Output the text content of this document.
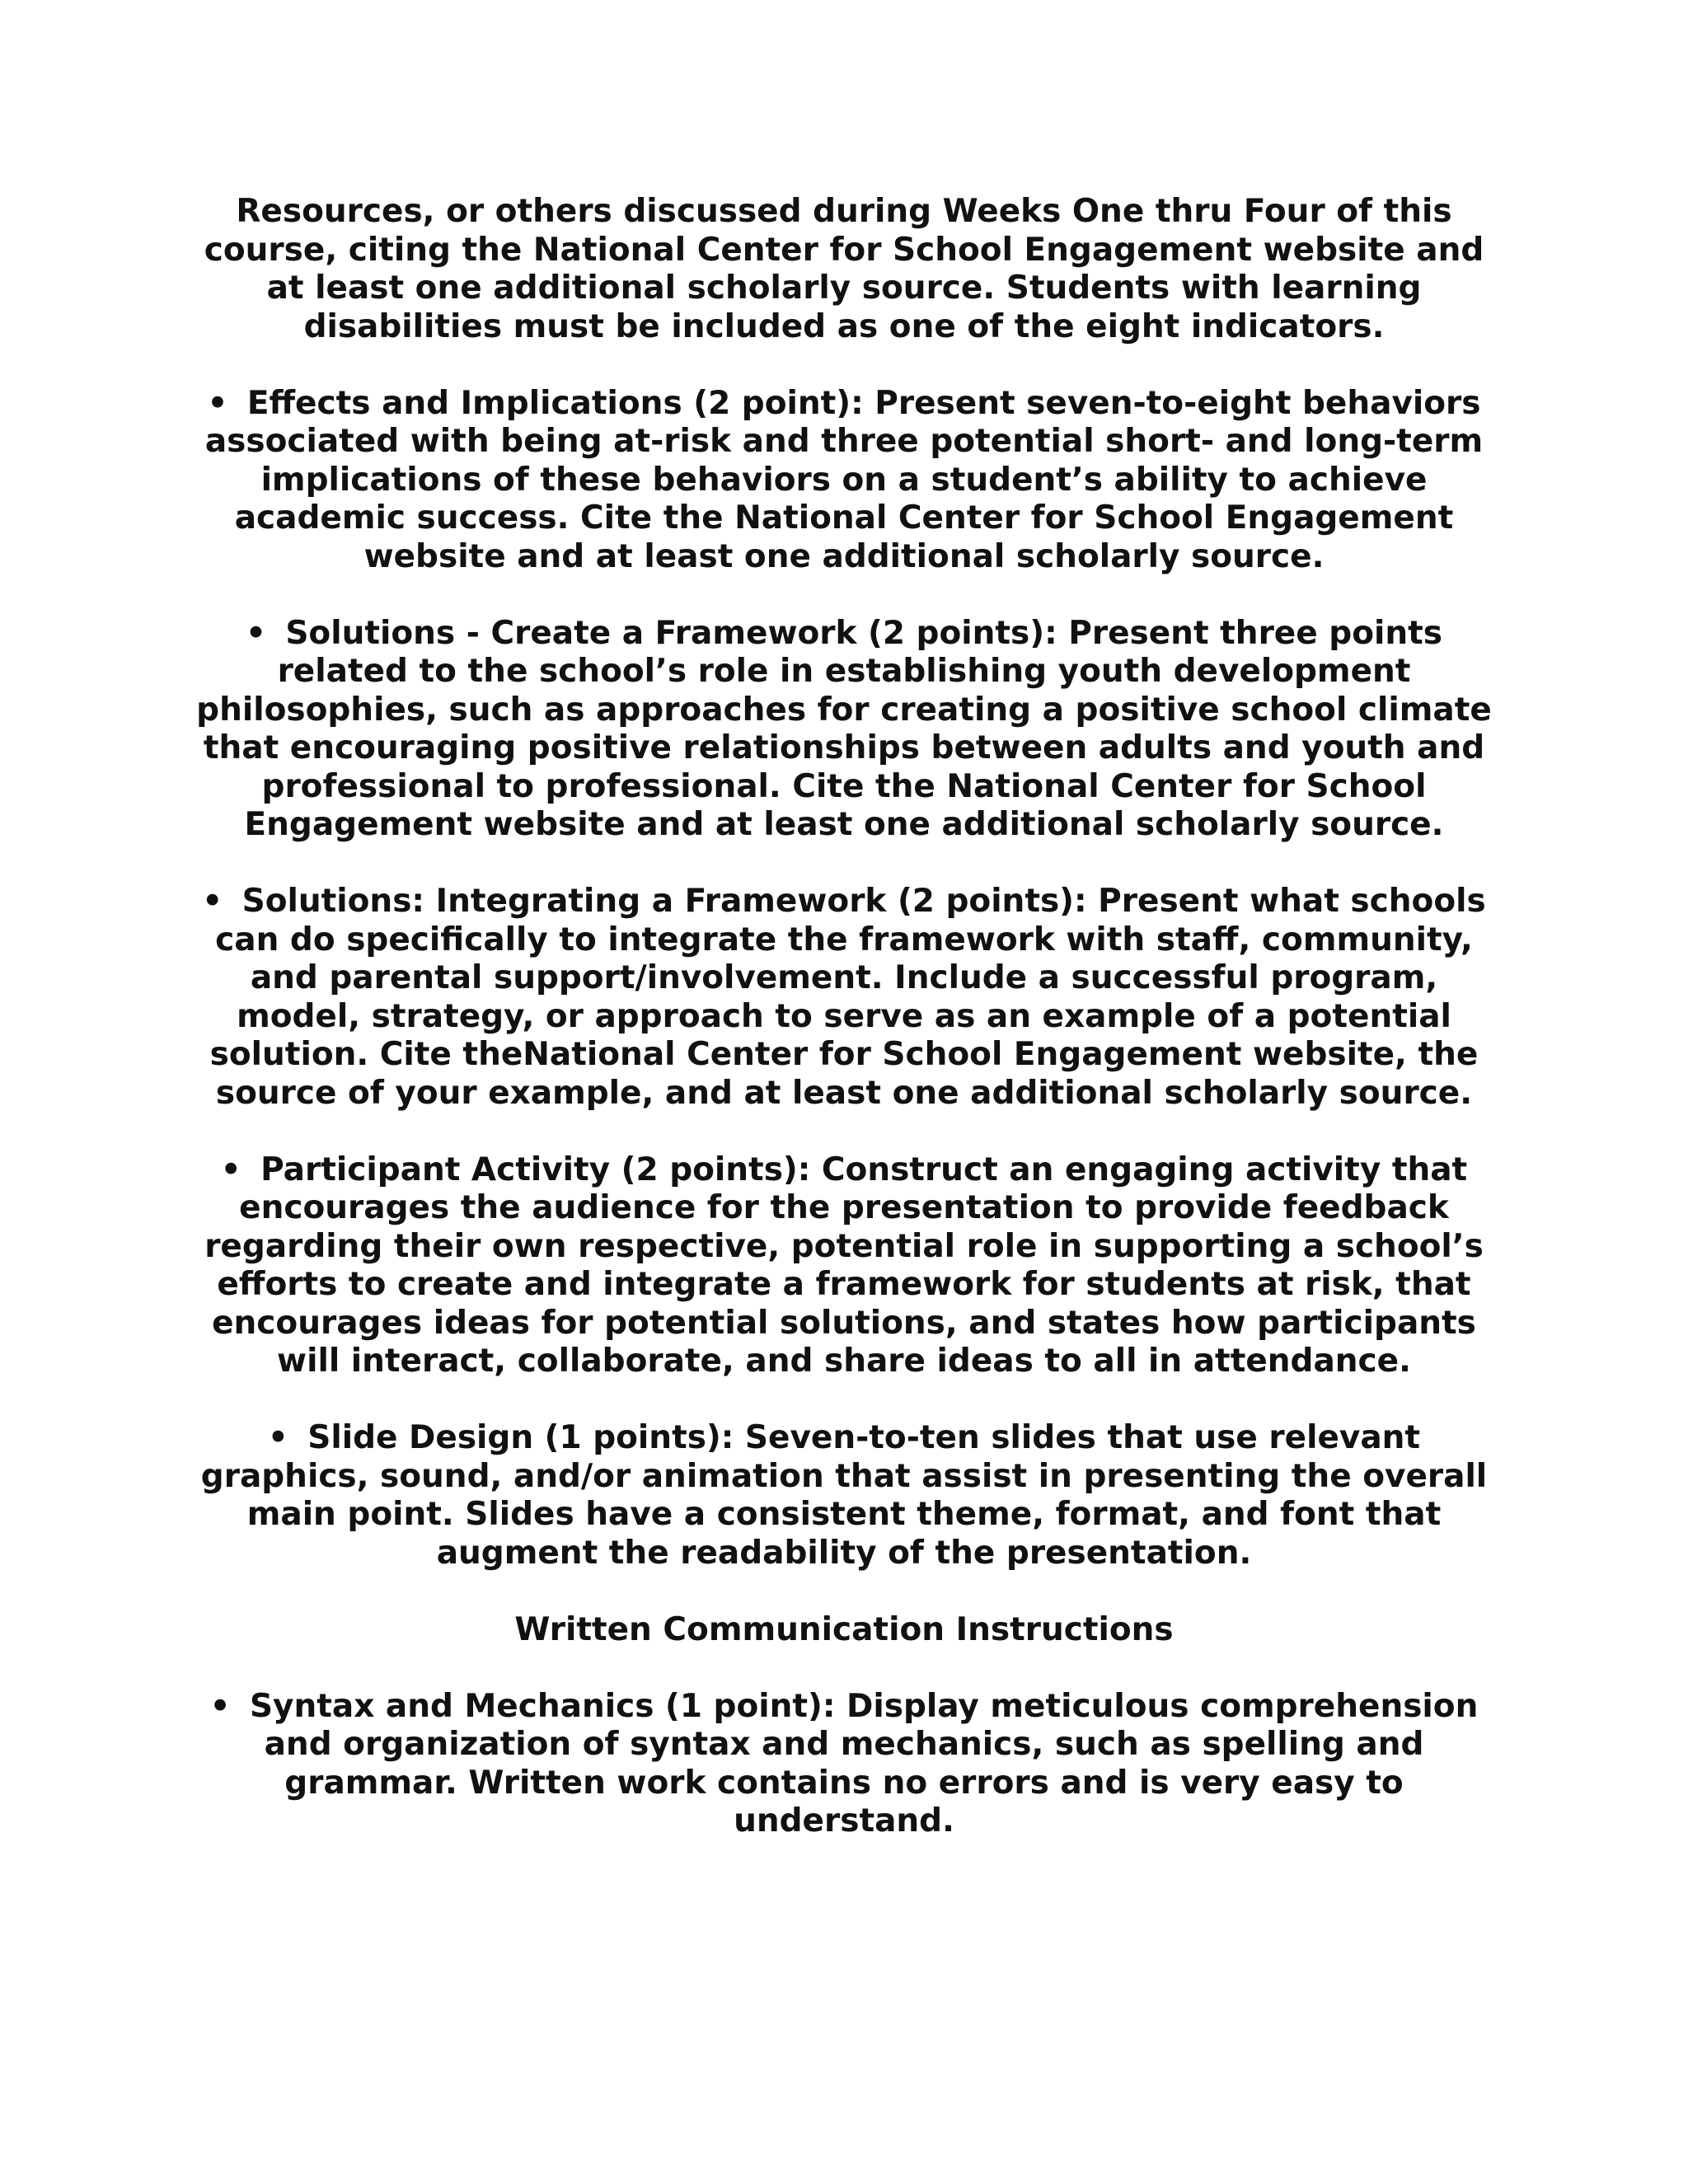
Resources, or others discussed during Weeks One thru Four of this course, citing the National Center for School Engagement website and at least one additional scholarly source. Students with learning disabilities must be included as one of the eight indicators.

• Effects and Implications (2 point): Present seven-to-eight behaviors associated with being at-risk and three potential short- and long-term implications of these behaviors on a student’s ability to achieve academic success. Cite the National Center for School Engagement website and at least one additional scholarly source.

• Solutions - Create a Framework (2 points): Present three points related to the school’s role in establishing youth development philosophies, such as approaches for creating a positive school climate that encouraging positive relationships between adults and youth and professional to professional. Cite the National Center for School Engagement website and at least one additional scholarly source.

• Solutions: Integrating a Framework (2 points): Present what schools can do specifically to integrate the framework with staff, community, and parental support/involvement. Include a successful program, model, strategy, or approach to serve as an example of a potential solution. Cite theNational Center for School Engagement website, the source of your example, and at least one additional scholarly source.

• Participant Activity (2 points): Construct an engaging activity that encourages the audience for the presentation to provide feedback regarding their own respective, potential role in supporting a school’s efforts to create and integrate a framework for students at risk, that encourages ideas for potential solutions, and states how participants will interact, collaborate, and share ideas to all in attendance.

• Slide Design (1 points): Seven-to-ten slides that use relevant graphics, sound, and/or animation that assist in presenting the overall main point. Slides have a consistent theme, format, and font that augment the readability of the presentation.

Written Communication Instructions

• Syntax and Mechanics (1 point): Display meticulous comprehension and organization of syntax and mechanics, such as spelling and grammar. Written work contains no errors and is very easy to understand.
